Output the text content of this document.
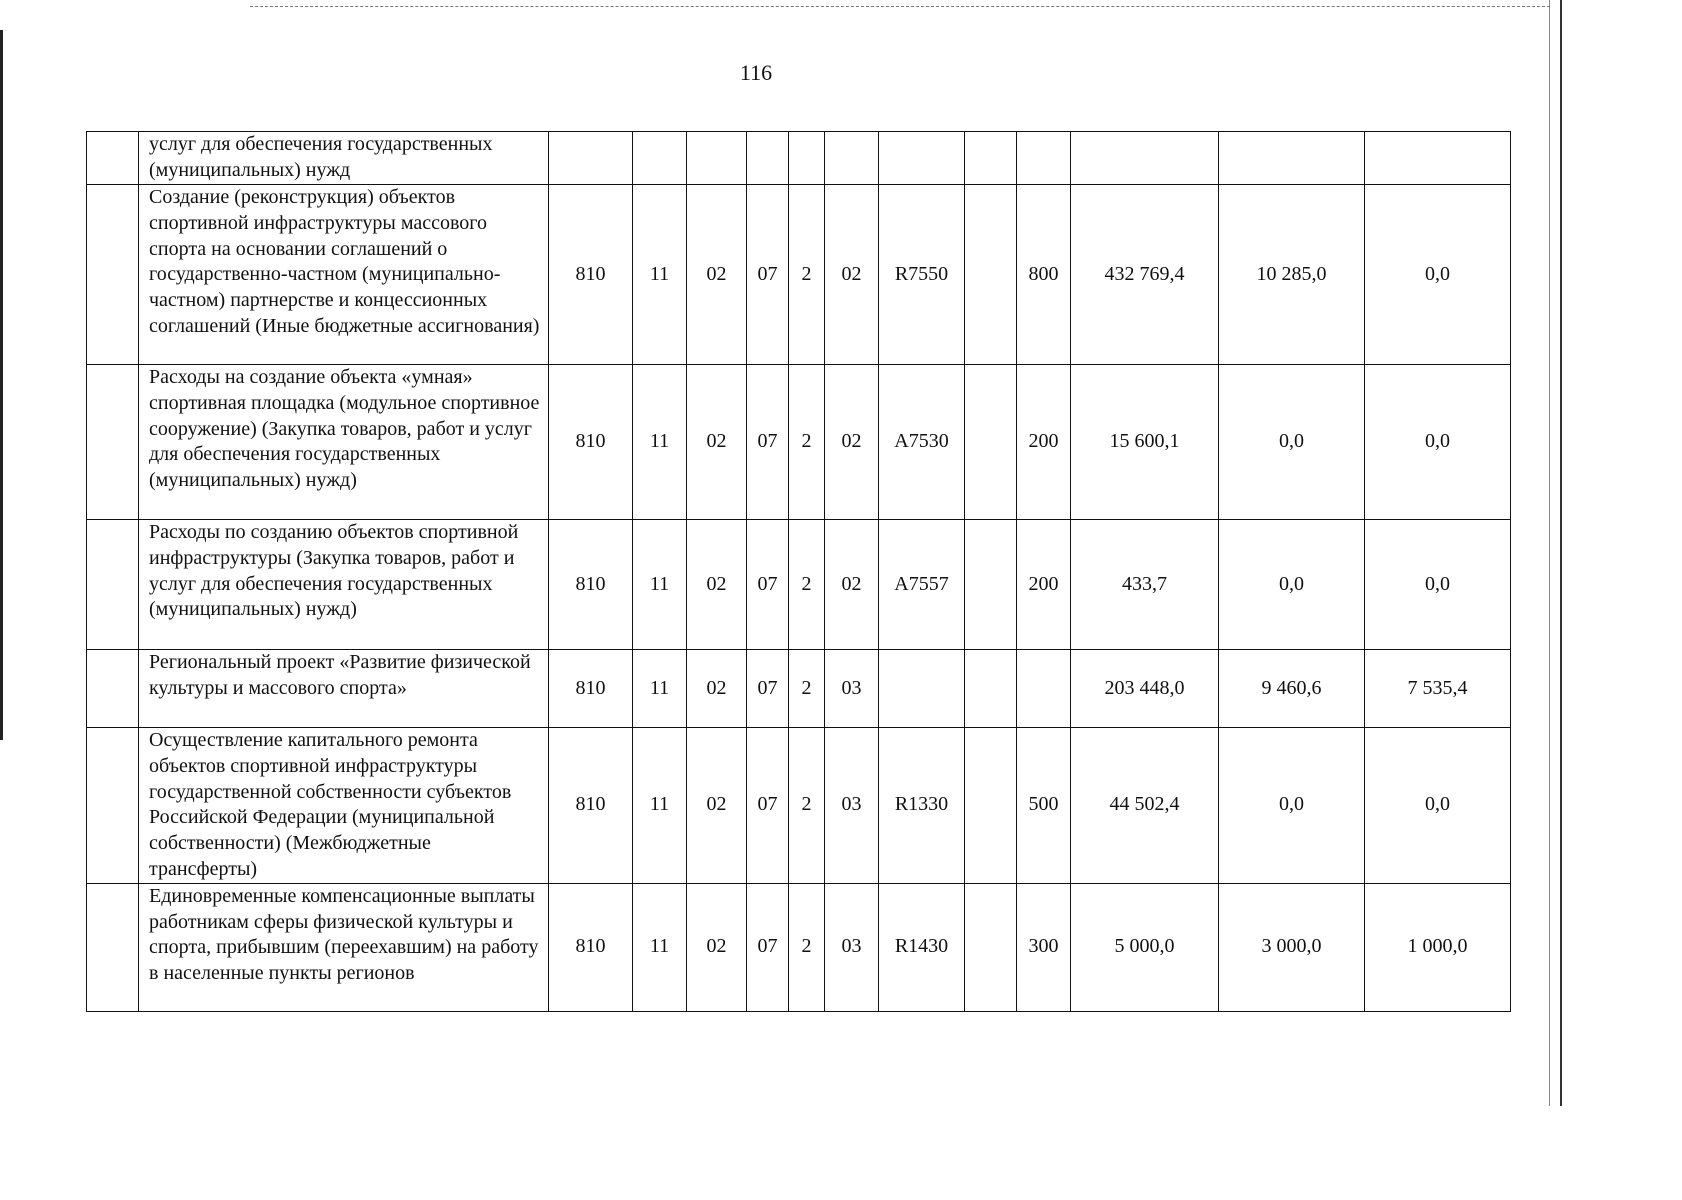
116
	услуг для обеспечения государственных (муниципальных) нужд												
	Создание (реконструкция) объектов спортивной инфраструктуры массового спорта на основании соглашений о государственно-частном (муниципально-частном) партнерстве и концессионных соглашений (Иные бюджетные ассигнования)	810	11	02	07	2	02	R7550		800	432 769,4	10 285,0	0,0
	Расходы на создание объекта «умная» спортивная площадка (модульное спортивное сооружение) (Закупка товаров, работ и услуг для обеспечения государственных (муниципальных) нужд)	810	11	02	07	2	02	А7530		200	15 600,1	0,0	0,0
	Расходы по созданию объектов спортивной инфраструктуры (Закупка товаров, работ и услуг для обеспечения государственных (муниципальных) нужд)	810	11	02	07	2	02	А7557		200	433,7	0,0	0,0
	Региональный проект «Развитие физической культуры и массового спорта»	810	11	02	07	2	03				203 448,0	9 460,6	7 535,4
	Осуществление капитального ремонта объектов спортивной инфраструктуры государственной собственности субъектов Российской Федерации (муниципальной собственности) (Межбюджетные трансферты)	810	11	02	07	2	03	R1330		500	44 502,4	0,0	0,0
	Единовременные компенсационные выплаты работникам сферы физической культуры и спорта, прибывшим (переехавшим) на работу в населенные пункты регионов	810	11	02	07	2	03	R1430		300	5 000,0	3 000,0	1 000,0
